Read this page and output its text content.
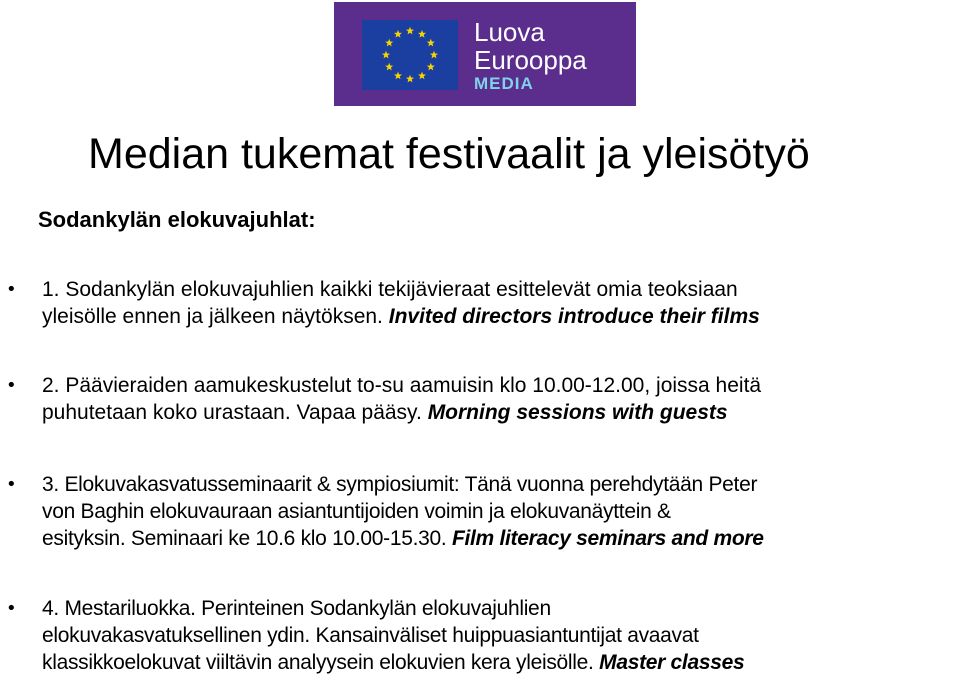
Luova
Eurooppa
MEDIA
Median tukemat festivaalit ja yleisötyö
Sodankylän elokuvajuhlat:
• 1. Sodankylän elokuvajuhlien kaikki tekijävieraat esittelevät omia teoksiaan
yleisölle ennen ja jälkeen näytöksen. Invited directors introduce their films
• 2. Päävieraiden aamukeskustelut to-su aamuisin klo 10.00-12.00, joissa heitä
puhutetaan koko urastaan. Vapaa pääsy. Morning sessions with guests
• 3. Elokuvakasvatusseminaarit & sympiosiumit: Tänä vuonna perehdytään Peter
von Baghin elokuvauraan asiantuntijoiden voimin ja elokuvanäyttein &
esityksin. Seminaari ke 10.6 klo 10.00-15.30. Film literacy seminars and more
• 4. Mestariluokka. Perinteinen Sodankylän elokuvajuhlien
elokuvakasvatuksellinen ydin. Kansainväliset huippuasiantuntijat avaavat
klassikkoelokuvat viiltävin analyysein elokuvien kera yleisölle. Master classes
